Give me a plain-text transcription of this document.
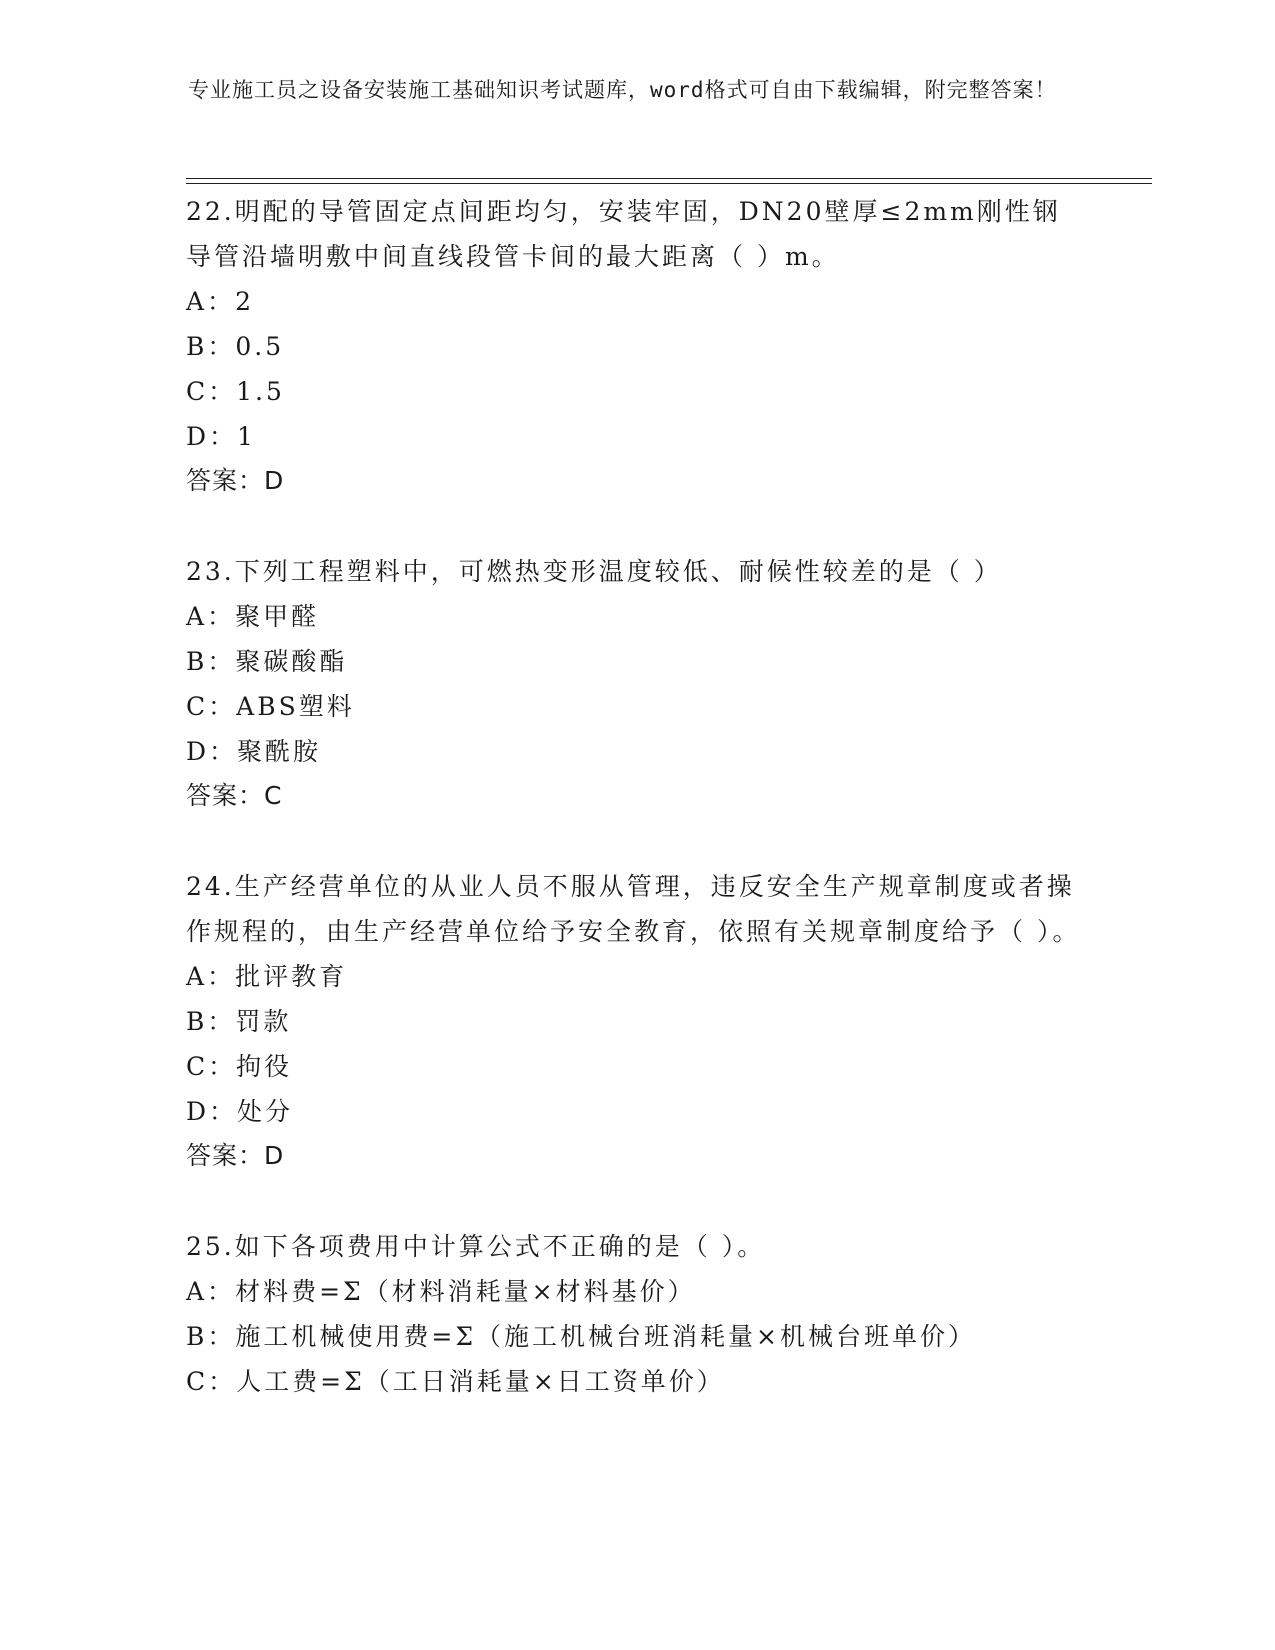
专业施工员之设备安装施工基础知识考试题库，word格式可自由下载编辑，附完整答案！
22.明配的导管固定点间距均匀，安装牢固，DN20壁厚≤2mm刚性钢导管沿墙明敷中间直线段管卡间的最大距离（ ）m。
A： 2
B： 0.5
C： 1.5
D： 1
答案：D
23.下列工程塑料中，可燃热变形温度较低、耐候性较差的是（ ）
A： 聚甲醛
B： 聚碳酸酯
C： ABS塑料
D： 聚酰胺
答案：C
24.生产经营单位的从业人员不服从管理，违反安全生产规章制度或者操作规程的，由生产经营单位给予安全教育，依照有关规章制度给予（ ）。
A： 批评教育
B： 罚款
C： 拘役
D： 处分
答案：D
25.如下各项费用中计算公式不正确的是（ ）。
A： 材料费=Σ（材料消耗量×材料基价）
B： 施工机械使用费=Σ（施工机械台班消耗量×机械台班单价）
C： 人工费=Σ（工日消耗量×日工资单价）
